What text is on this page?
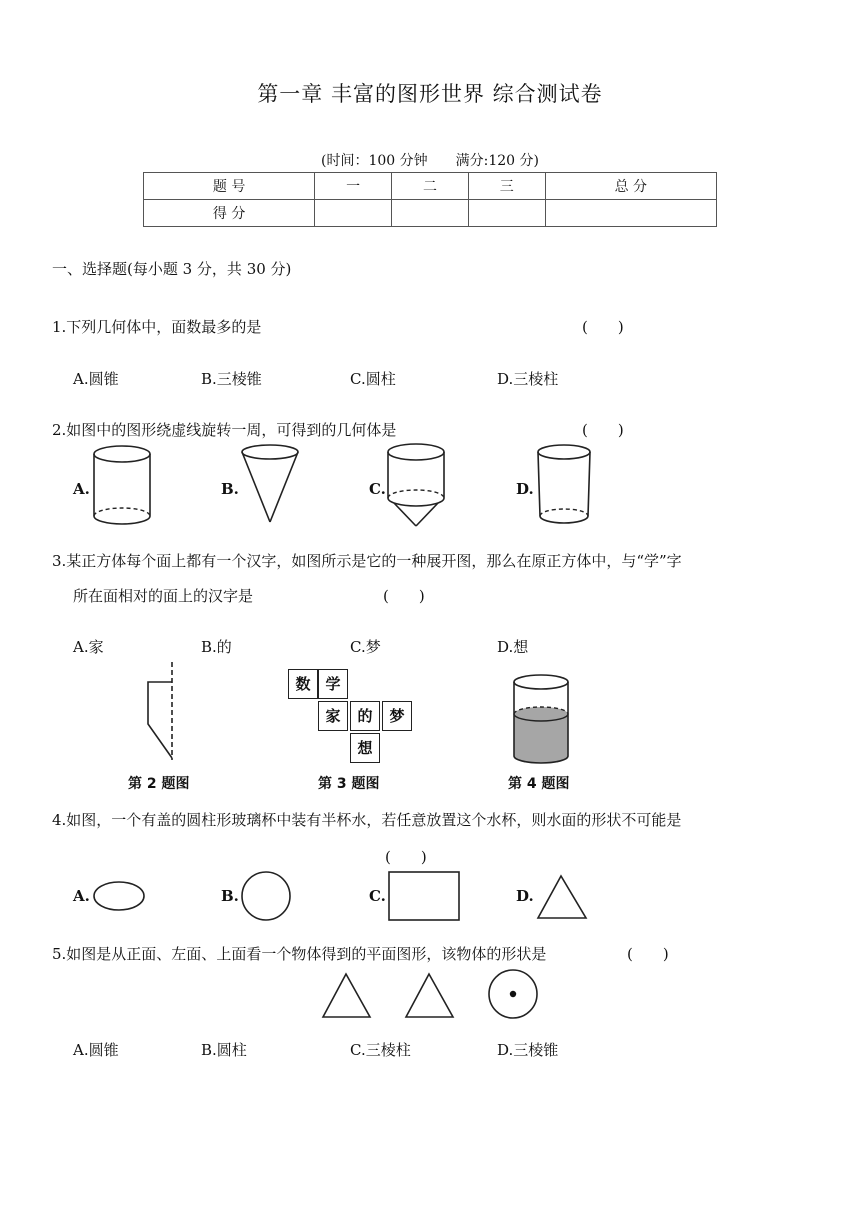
第一章 丰富的图形世界 综合测试卷
(时间：100 分钟　　满分:120 分)
题 号	一	二	三	总 分
得 分				
一、选择题(每小题 3 分，共 30 分)
1.下列几何体中，面数最多的是	(　　)
A.圆锥	B.三棱锥	C.圆柱	D.三棱柱
2.如图中的图形绕虚线旋转一周，可得到的几何体是	(　　)
A.	B.	C.	D.
3.某正方体每个面上都有一个汉字，如图所示是它的一种展开图，那么在原正方体中，与“学”字
所在面相对的面上的汉字是	(　　)
A.家	B.的	C.梦	D.想
第 2 题图
数 学
家	的	梦
想
第 3 题图	第 4 题图
4.如图，一个有盖的圆柱形玻璃杯中装有半杯水，若任意放置这个水杯，则水面的形状不可能是
(　　)
A.	B.	C.	D.
5.如图是从正面、左面、上面看一个物体得到的平面图形，该物体的形状是	(　　)
A.圆锥	B.圆柱	C.三棱柱	D.三棱锥
